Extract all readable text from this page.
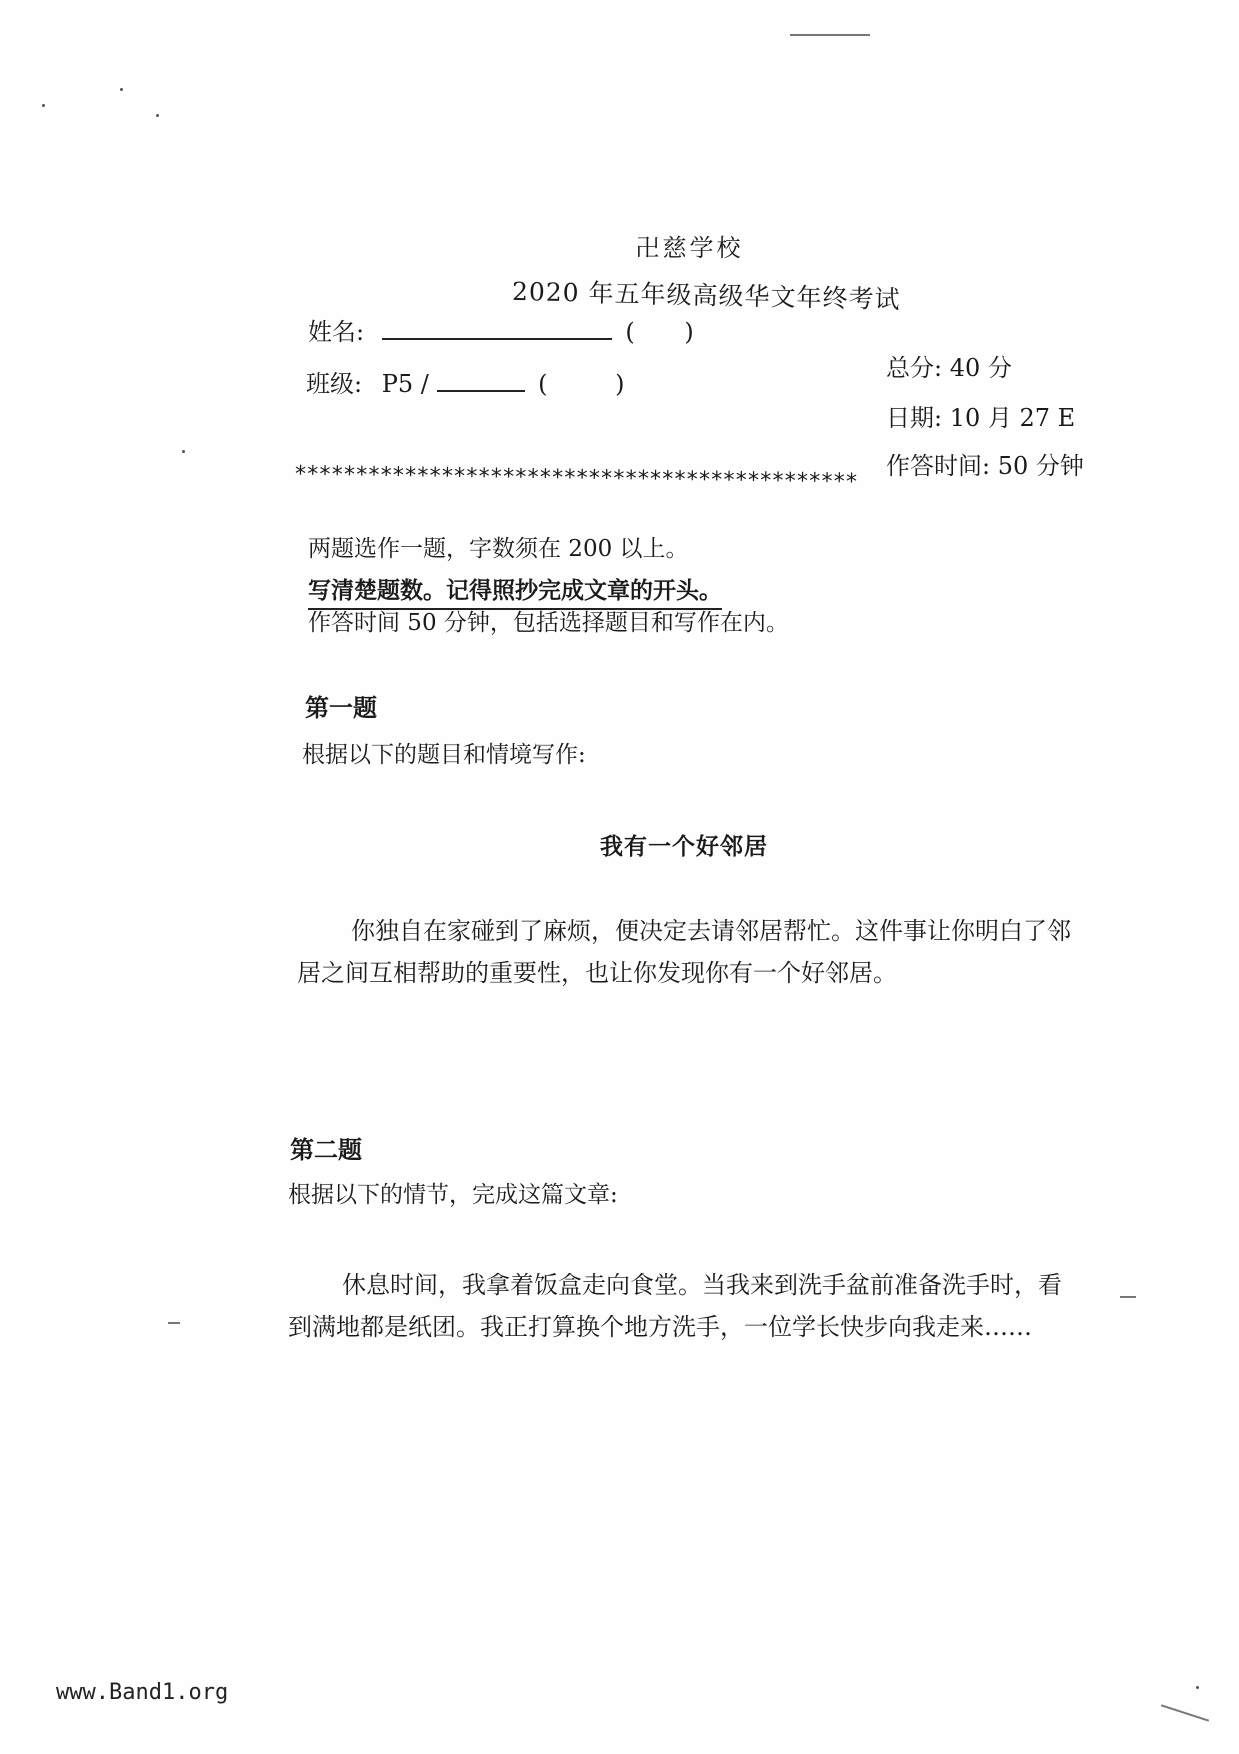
卍慈学校
2020 年五年级高级华文年终考试
姓名:	( )
班级: P5 /	(	)
总分: 40 分
日期: 10 月 27 E
作答时间: 50 分钟
**********************************************
两题选作一题，字数须在 200 以上。
写清楚题数。记得照抄完成文章的开头。
作答时间 50 分钟，包括选择题目和写作在内。
第一题
根据以下的题目和情境写作:
我有一个好邻居
你独自在家碰到了麻烦，便决定去请邻居帮忙。这件事让你明白了邻居之间互相帮助的重要性，也让你发现你有一个好邻居。
第二题
根据以下的情节，完成这篇文章:
休息时间，我拿着饭盒走向食堂。当我来到洗手盆前准备洗手时，看到满地都是纸团。我正打算换个地方洗手，一位学长快步向我走来……
www.Band1.org
